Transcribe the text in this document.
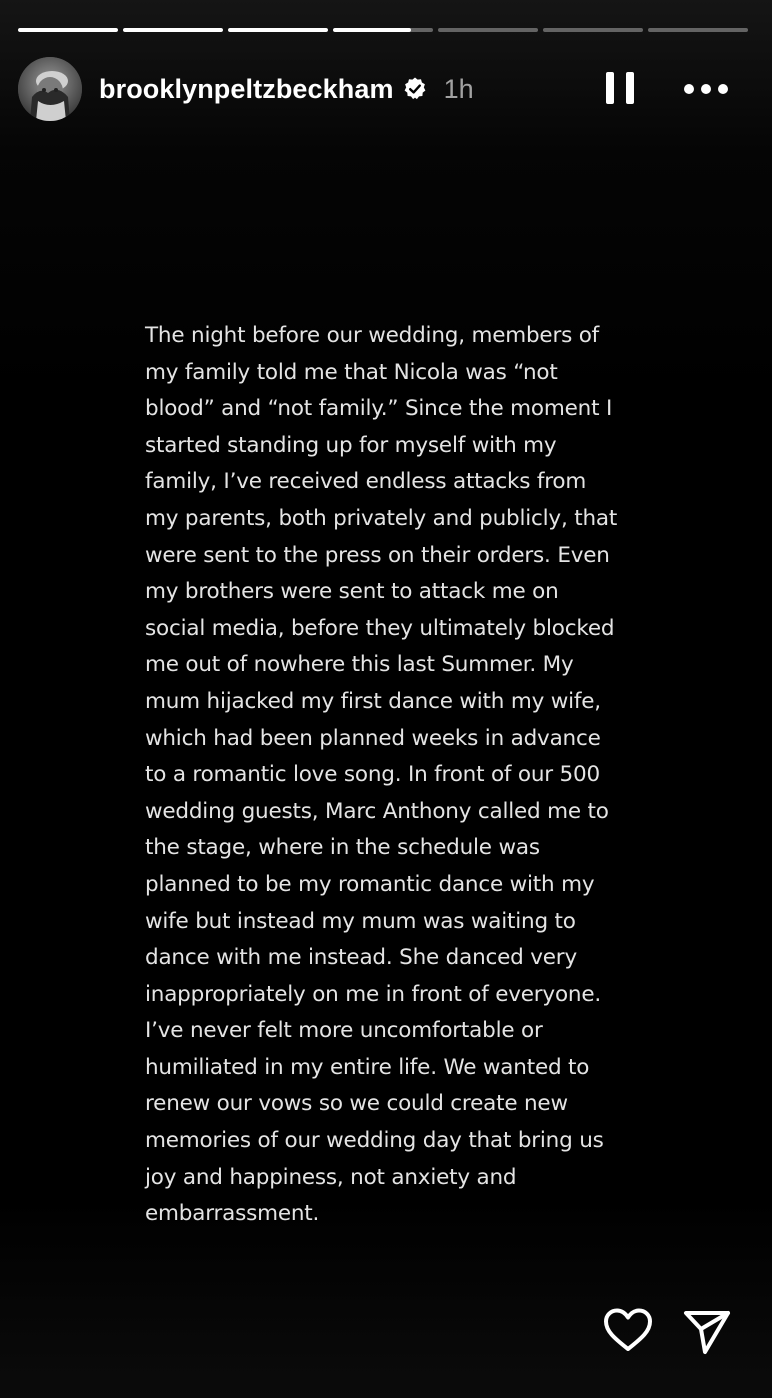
brooklynpeltzbeckham 1h
The night before our wedding, members of
my family told me that Nicola was “not
blood” and “not family.” Since the moment I
started standing up for myself with my
family, I’ve received endless attacks from
my parents, both privately and publicly, that
were sent to the press on their orders. Even
my brothers were sent to attack me on
social media, before they ultimately blocked
me out of nowhere this last Summer. My
mum hijacked my first dance with my wife,
which had been planned weeks in advance
to a romantic love song. In front of our 500
wedding guests, Marc Anthony called me to
the stage, where in the schedule was
planned to be my romantic dance with my
wife but instead my mum was waiting to
dance with me instead. She danced very
inappropriately on me in front of everyone.
I’ve never felt more uncomfortable or
humiliated in my entire life. We wanted to
renew our vows so we could create new
memories of our wedding day that bring us
joy and happiness, not anxiety and
embarrassment.
